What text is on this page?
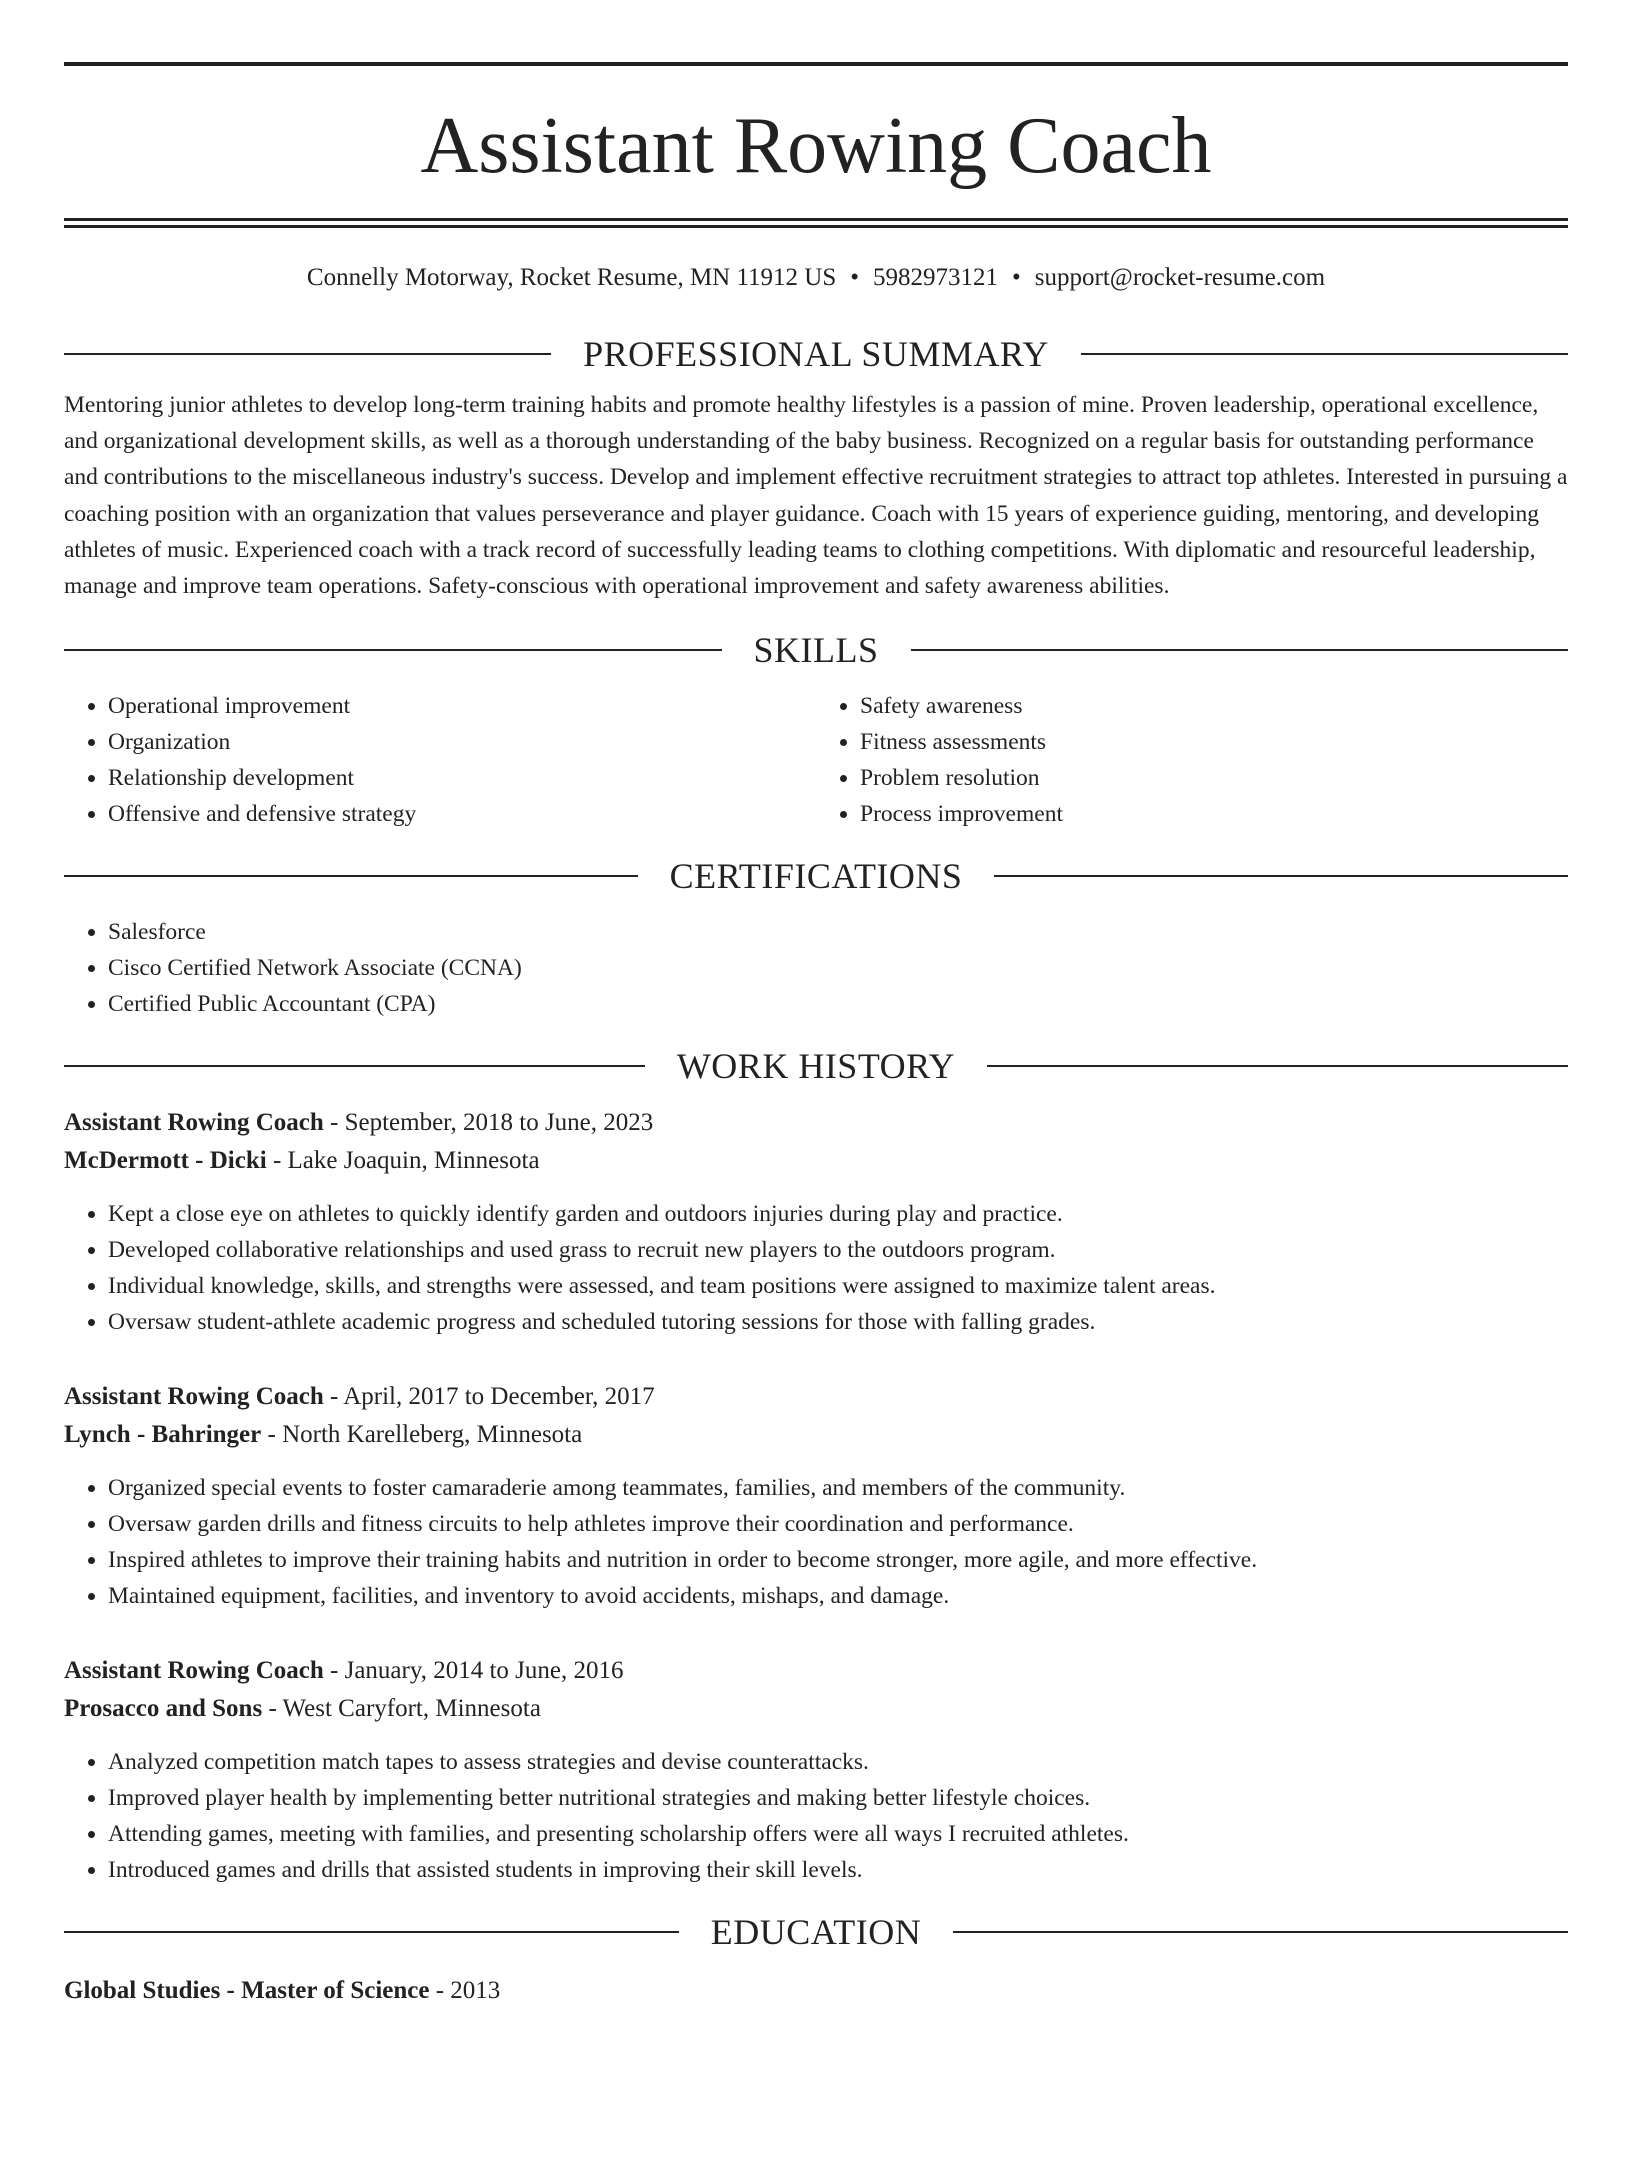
Assistant Rowing Coach
Connelly Motorway, Rocket Resume, MN 11912 US • 5982973121 • support@rocket-resume.com
PROFESSIONAL SUMMARY
Mentoring junior athletes to develop long-term training habits and promote healthy lifestyles is a passion of mine. Proven leadership, operational excellence, and organizational development skills, as well as a thorough understanding of the baby business. Recognized on a regular basis for outstanding performance and contributions to the miscellaneous industry's success. Develop and implement effective recruitment strategies to attract top athletes. Interested in pursuing a coaching position with an organization that values perseverance and player guidance. Coach with 15 years of experience guiding, mentoring, and developing athletes of music. Experienced coach with a track record of successfully leading teams to clothing competitions. With diplomatic and resourceful leadership, manage and improve team operations. Safety-conscious with operational improvement and safety awareness abilities.
SKILLS
• Operational improvement
• Organization
• Relationship development
• Offensive and defensive strategy
• Safety awareness
• Fitness assessments
• Problem resolution
• Process improvement
CERTIFICATIONS
• Salesforce
• Cisco Certified Network Associate (CCNA)
• Certified Public Accountant (CPA)
WORK HISTORY
Assistant Rowing Coach - September, 2018 to June, 2023
McDermott - Dicki - Lake Joaquin, Minnesota
• Kept a close eye on athletes to quickly identify garden and outdoors injuries during play and practice.
• Developed collaborative relationships and used grass to recruit new players to the outdoors program.
• Individual knowledge, skills, and strengths were assessed, and team positions were assigned to maximize talent areas.
• Oversaw student-athlete academic progress and scheduled tutoring sessions for those with falling grades.
Assistant Rowing Coach - April, 2017 to December, 2017
Lynch - Bahringer - North Karelleberg, Minnesota
• Organized special events to foster camaraderie among teammates, families, and members of the community.
• Oversaw garden drills and fitness circuits to help athletes improve their coordination and performance.
• Inspired athletes to improve their training habits and nutrition in order to become stronger, more agile, and more effective.
• Maintained equipment, facilities, and inventory to avoid accidents, mishaps, and damage.
Assistant Rowing Coach - January, 2014 to June, 2016
Prosacco and Sons - West Caryfort, Minnesota
• Analyzed competition match tapes to assess strategies and devise counterattacks.
• Improved player health by implementing better nutritional strategies and making better lifestyle choices.
• Attending games, meeting with families, and presenting scholarship offers were all ways I recruited athletes.
• Introduced games and drills that assisted students in improving their skill levels.
EDUCATION
Global Studies - Master of Science - 2013
